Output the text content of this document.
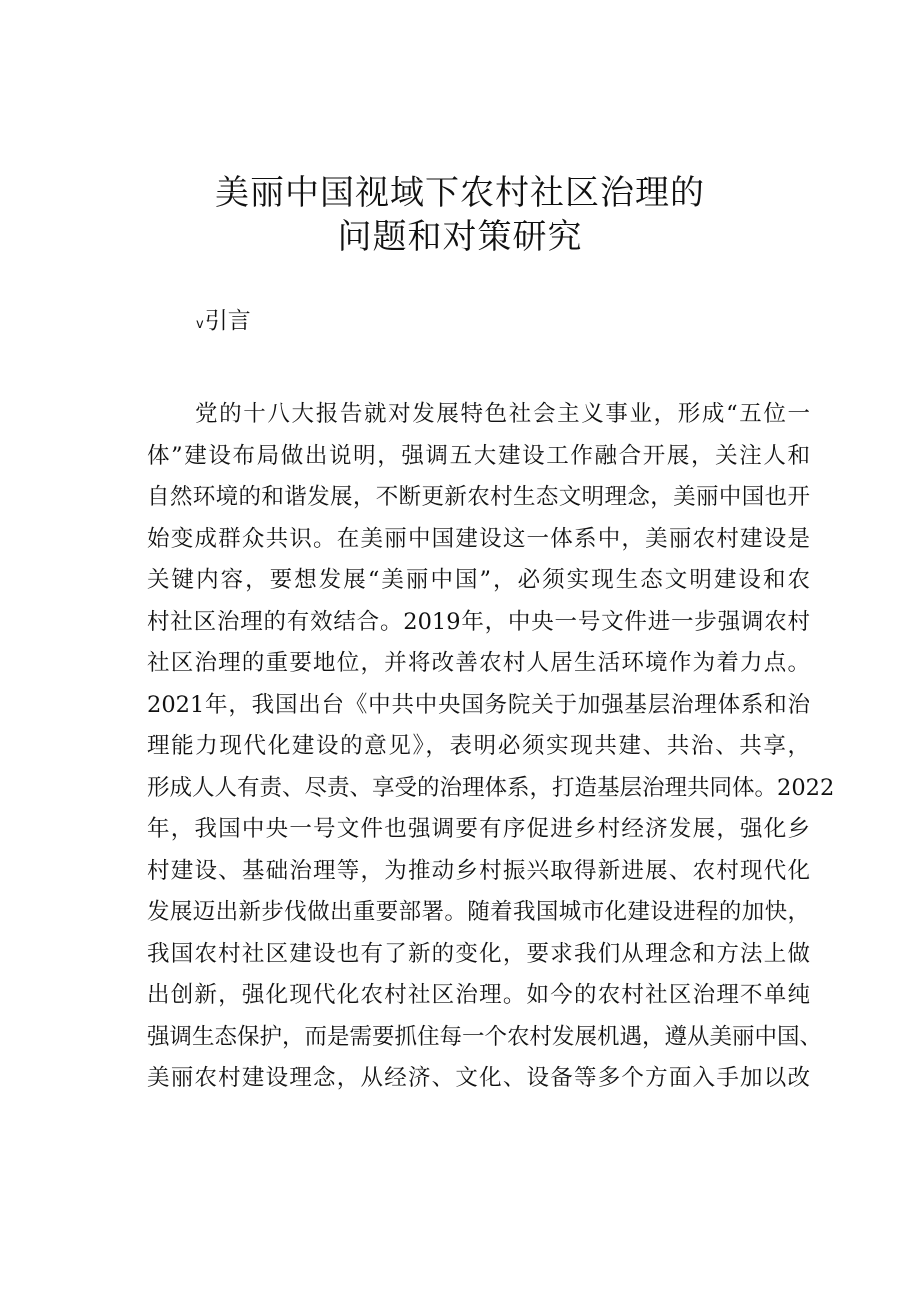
美丽中国视域下农村社区治理的
问题和对策研究
v引言
党的十八大报告就对发展特色社会主义事业，形成“五位一
体”建设布局做出说明，强调五大建设工作融合开展，关注人和
自然环境的和谐发展，不断更新农村生态文明理念，美丽中国也开
始变成群众共识。在美丽中国建设这一体系中，美丽农村建设是
关键内容，要想发展“美丽中国”，必须实现生态文明建设和农
村社区治理的有效结合。2019年，中央一号文件进一步强调农村
社区治理的重要地位，并将改善农村人居生活环境作为着力点。
2021年，我国出台《中共中央国务院关于加强基层治理体系和治
理能力现代化建设的意见》，表明必须实现共建、共治、共享，
形成人人有责、尽责、享受的治理体系，打造基层治理共同体。2022
年，我国中央一号文件也强调要有序促进乡村经济发展，强化乡
村建设、基础治理等，为推动乡村振兴取得新进展、农村现代化
发展迈出新步伐做出重要部署。随着我国城市化建设进程的加快，
我国农村社区建设也有了新的变化，要求我们从理念和方法上做
出创新，强化现代化农村社区治理。如今的农村社区治理不单纯
强调生态保护，而是需要抓住每一个农村发展机遇，遵从美丽中国、
美丽农村建设理念，从经济、文化、设备等多个方面入手加以改
